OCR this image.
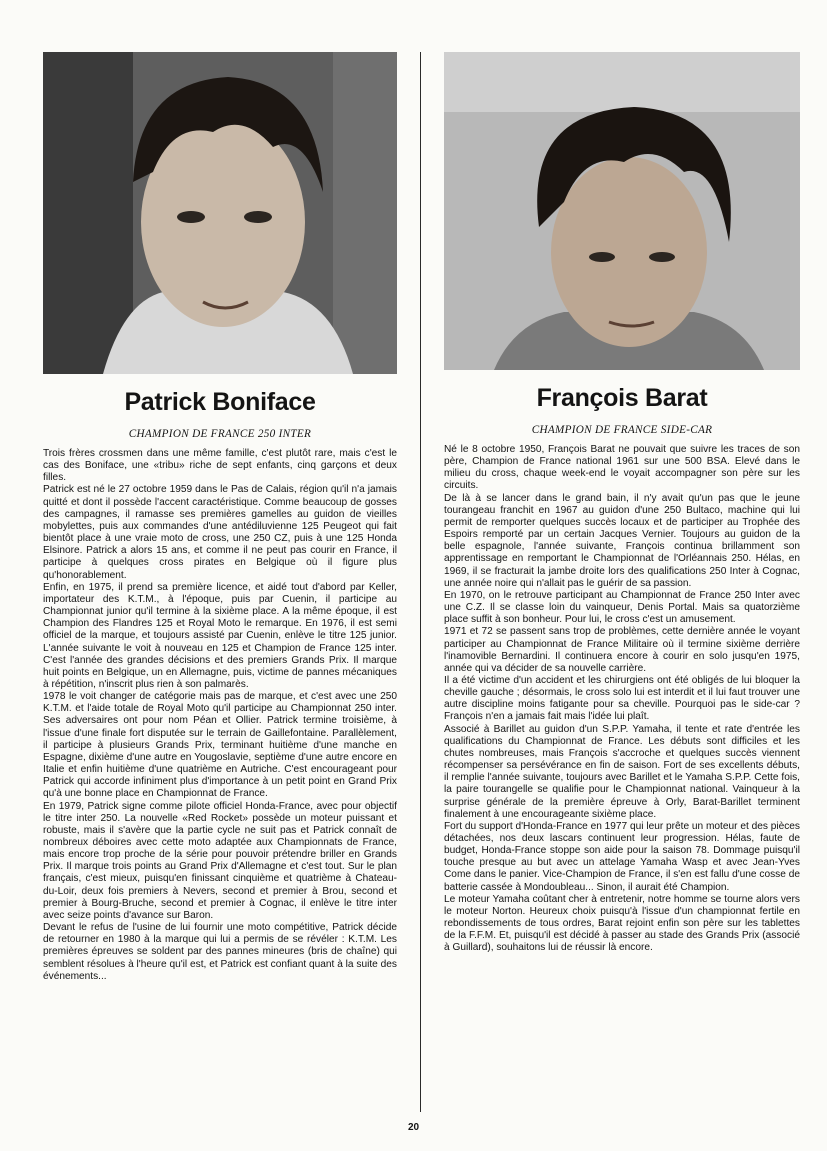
Patrick Boniface
CHAMPION DE FRANCE 250 INTER

Trois frères crossmen dans une même famille, c'est plutôt rare, mais c'est le cas des Boniface, une «tribu» riche de sept enfants, cinq garçons et deux filles.

Patrick est né le 27 octobre 1959 dans le Pas de Calais, région qu'il n'a jamais quitté et dont il possède l'accent caractéristique. Comme beaucoup de gosses des campagnes, il ramasse ses premières gamelles au guidon de vieilles mobylettes, puis aux commandes d'une antédiluvienne 125 Peugeot qui fait bientôt place à une vraie moto de cross, une 250 CZ, puis à une 125 Honda Elsinore. Patrick a alors 15 ans, et comme il ne peut pas courir en France, il participe à quelques cross pirates en Belgique où il figure plus qu'honorablement.

Enfin, en 1975, il prend sa première licence, et aidé tout d'abord par Keller, importateur des K.T.M., à l'époque, puis par Cuenin, il participe au Championnat junior qu'il termine à la sixième place. A la même époque, il est Champion des Flandres 125 et Royal Moto le remarque. En 1976, il est semi officiel de la marque, et toujours assisté par Cuenin, enlève le titre 125 junior. L'année suivante le voit à nouveau en 125 et Champion de France 125 inter. C'est l'année des grandes décisions et des premiers Grands Prix. Il marque huit points en Belgique, un en Allemagne, puis, victime de pannes mécaniques à répétition, n'inscrit plus rien à son palmarès.

1978 le voit changer de catégorie mais pas de marque, et c'est avec une 250 K.T.M. et l'aide totale de Royal Moto qu'il participe au Championnat 250 inter. Ses adversaires ont pour nom Péan et Ollier. Patrick termine troisième, à l'issue d'une finale fort disputée sur le terrain de Gaillefontaine. Parallèlement, il participe à plusieurs Grands Prix, terminant huitième d'une manche en Espagne, dixième d'une autre en Yougoslavie, septième d'une autre encore en Italie et enfin huitième d'une quatrième en Autriche. C'est encourageant pour Patrick qui accorde infiniment plus d'importance à un petit point en Grand Prix qu'à une bonne place en Championnat de France.

En 1979, Patrick signe comme pilote officiel Honda-France, avec pour objectif le titre inter 250. La nouvelle «Red Rocket» possède un moteur puissant et robuste, mais il s'avère que la partie cycle ne suit pas et Patrick connaît de nombreux déboires avec cette moto adaptée aux Championnats de France, mais encore trop proche de la série pour pouvoir prétendre briller en Grands Prix. Il marque trois points au Grand Prix d'Allemagne et c'est tout. Sur le plan français, c'est mieux, puisqu'en finissant cinquième et quatrième à Chateau-du-Loir, deux fois premiers à Nevers, second et premier à Brou, second et premier à Bourg-Bruche, second et premier à Cognac, il enlève le titre inter avec seize points d'avance sur Baron.

Devant le refus de l'usine de lui fournir une moto compétitive, Patrick décide de retourner en 1980 à la marque qui lui a permis de se révéler : K.T.M. Les premières épreuves se soldent par des pannes mineures (bris de chaîne) qui semblent résolues à l'heure qu'il est, et Patrick est confiant quant à la suite des événements...

François Barat
CHAMPION DE FRANCE SIDE-CAR

Né le 8 octobre 1950, François Barat ne pouvait que suivre les traces de son père, Champion de France national 1961 sur une 500 BSA. Elevé dans le milieu du cross, chaque week-end le voyait accompagner son père sur les circuits.

De là à se lancer dans le grand bain, il n'y avait qu'un pas que le jeune tourangeau franchit en 1967 au guidon d'une 250 Bultaco, machine qui lui permit de remporter quelques succès locaux et de participer au Trophée des Espoirs remporté par un certain Jacques Vernier. Toujours au guidon de la belle espagnole, l'année suivante, François continua brillamment son apprentissage en remportant le Championnat de l'Orléannais 250. Hélas, en 1969, il se fracturait la jambe droite lors des qualifications 250 Inter à Cognac, une année noire qui n'allait pas le guérir de sa passion.

En 1970, on le retrouve participant au Championnat de France 250 Inter avec une C.Z. Il se classe loin du vainqueur, Denis Portal. Mais sa quatorzième place suffit à son bonheur. Pour lui, le cross c'est un amusement.

1971 et 72 se passent sans trop de problèmes, cette dernière année le voyant participer au Championnat de France Militaire où il termine sixième derrière l'inamovible Bernardini. Il continuera encore à courir en solo jusqu'en 1975, année qui va décider de sa nouvelle carrière.

Il a été victime d'un accident et les chirurgiens ont été obligés de lui bloquer la cheville gauche ; désormais, le cross solo lui est interdit et il lui faut trouver une autre discipline moins fatigante pour sa cheville. Pourquoi pas le side-car ? François n'en a jamais fait mais l'idée lui plaît.

Associé à Barillet au guidon d'un S.P.P. Yamaha, il tente et rate d'entrée les qualifications du Championnat de France. Les débuts sont difficiles et les chutes nombreuses, mais François s'accroche et quelques succès viennent récompenser sa persévérance en fin de saison. Fort de ses excellents débuts, il remplie l'année suivante, toujours avec Barillet et le Yamaha S.P.P. Cette fois, la paire tourangelle se qualifie pour le Championnat national. Vainqueur à la surprise générale de la première épreuve à Orly, Barat-Barillet terminent finalement à une encourageante sixième place.

Fort du support d'Honda-France en 1977 qui leur prête un moteur et des pièces détachées, nos deux lascars continuent leur progression. Hélas, faute de budget, Honda-France stoppe son aide pour la saison 78. Dommage puisqu'il touche presque au but avec un attelage Yamaha Wasp et avec Jean-Yves Come dans le panier. Vice-Champion de France, il s'en est fallu d'une cosse de batterie cassée à Mondoubleau... Sinon, il aurait été Champion.

Le moteur Yamaha coûtant cher à entretenir, notre homme se tourne alors vers le moteur Norton. Heureux choix puisqu'à l'issue d'un championnat fertile en rebondissements de tous ordres, Barat rejoint enfin son père sur les tablettes de la F.F.M. Et, puisqu'il est décidé à passer au stade des Grands Prix (associé à Guillard), souhaitons lui de réussir là encore.

20
